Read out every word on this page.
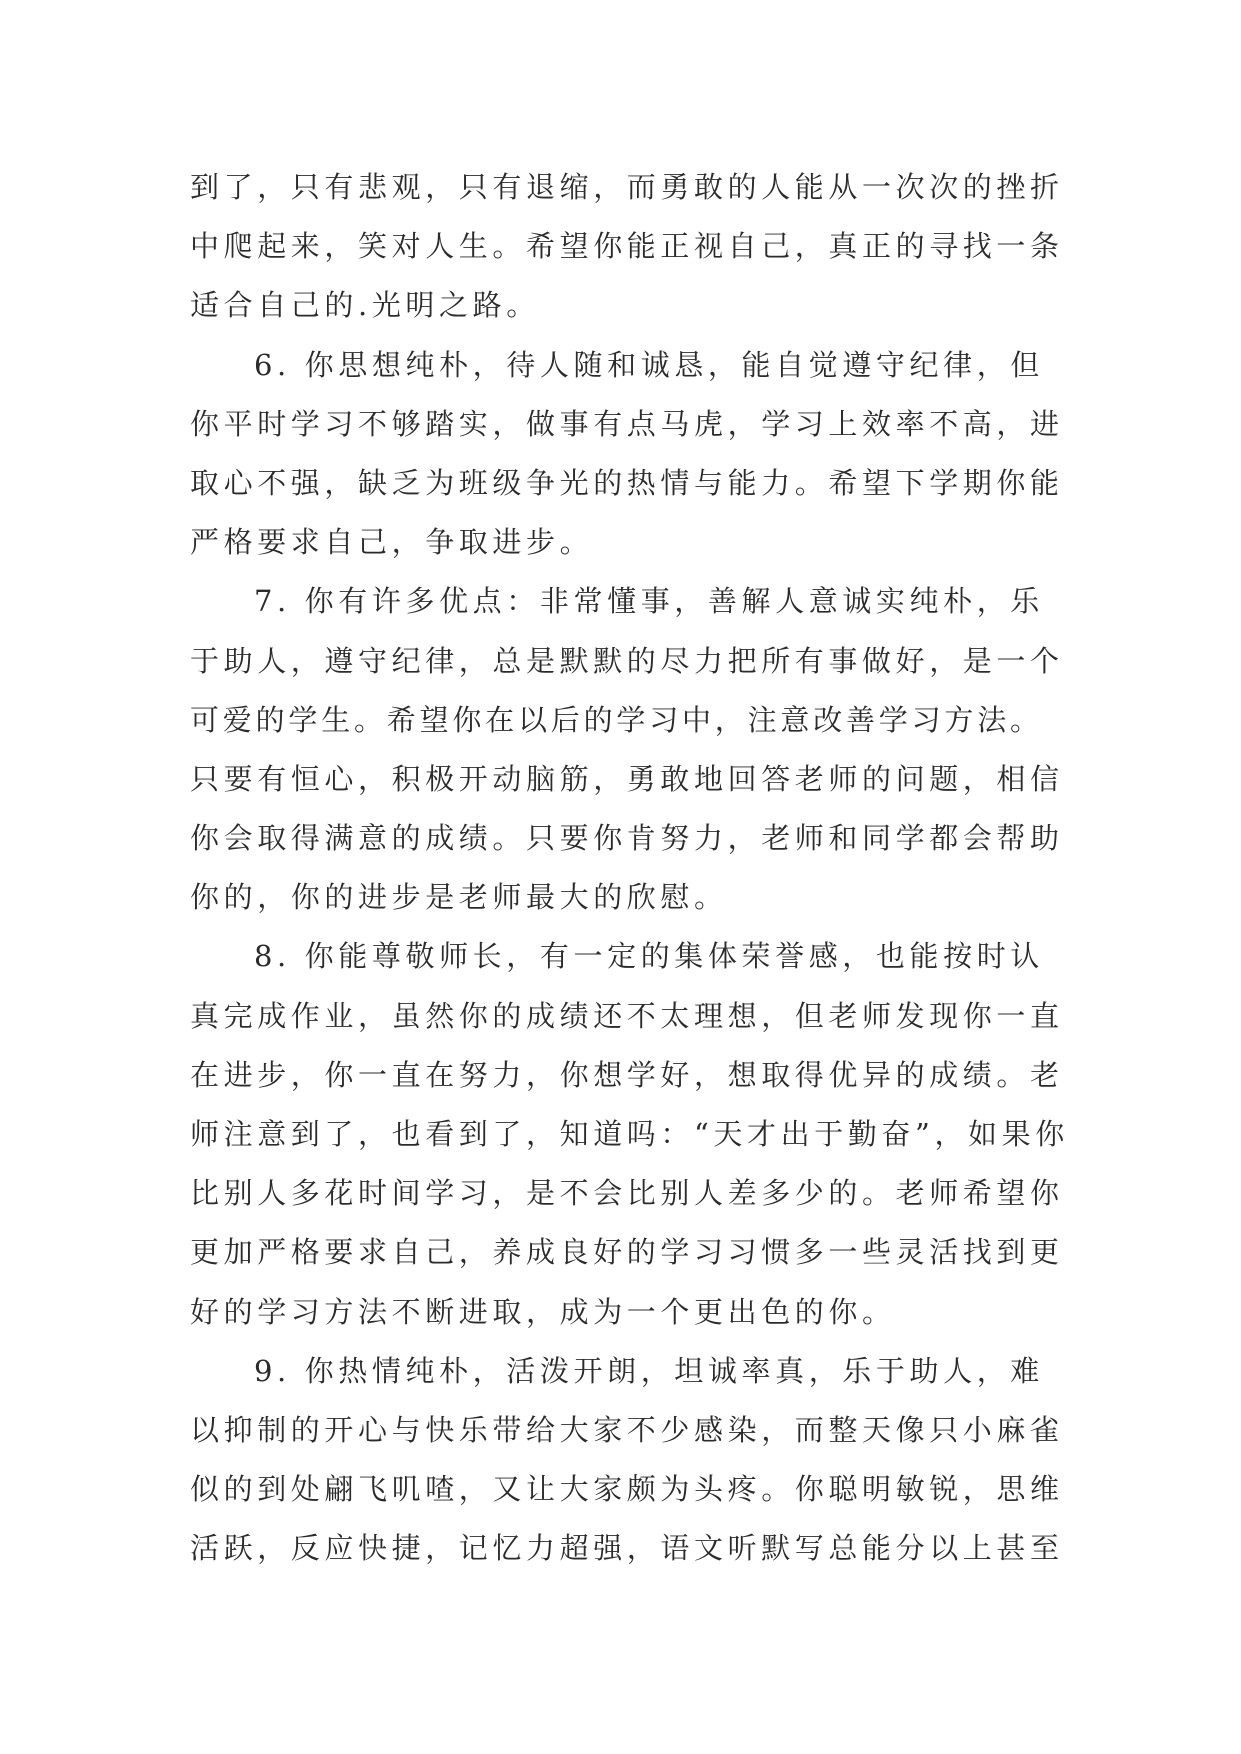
到了，只有悲观，只有退缩，而勇敢的人能从一次次的挫折
中爬起来，笑对人生。希望你能正视自己，真正的寻找一条
适合自己的.光明之路。
6. 你思想纯朴，待人随和诚恳，能自觉遵守纪律，但
你平时学习不够踏实，做事有点马虎，学习上效率不高，进
取心不强，缺乏为班级争光的热情与能力。希望下学期你能
严格要求自己，争取进步。
7. 你有许多优点：非常懂事，善解人意诚实纯朴，乐
于助人，遵守纪律，总是默默的尽力把所有事做好，是一个
可爱的学生。希望你在以后的学习中，注意改善学习方法。
只要有恒心，积极开动脑筋，勇敢地回答老师的问题，相信
你会取得满意的成绩。只要你肯努力，老师和同学都会帮助
你的，你的进步是老师最大的欣慰。
8. 你能尊敬师长，有一定的集体荣誉感，也能按时认
真完成作业，虽然你的成绩还不太理想，但老师发现你一直
在进步，你一直在努力，你想学好，想取得优异的成绩。老
师注意到了，也看到了，知道吗：“天才出于勤奋”，如果你
比别人多花时间学习，是不会比别人差多少的。老师希望你
更加严格要求自己，养成良好的学习习惯多一些灵活找到更
好的学习方法不断进取，成为一个更出色的你。
9. 你热情纯朴，活泼开朗，坦诚率真，乐于助人，难
以抑制的开心与快乐带给大家不少感染，而整天像只小麻雀
似的到处翩飞叽喳，又让大家颇为头疼。你聪明敏锐，思维
活跃，反应快捷，记忆力超强，语文听默写总能分以上甚至
